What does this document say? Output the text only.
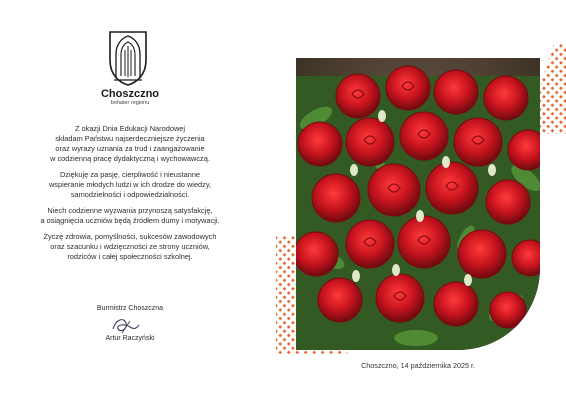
Choszczno
bohater regionu

Z okazji Dnia Edukacji Narodowej
składam Państwu najserdeczniejsze życzenia
oraz wyrazy uznania za trud i zaangażowanie
w codzienną pracę dydaktyczną i wychowawczą.

Dziękuję za pasję, cierpliwość i nieustanne
wspieranie młodych ludzi w ich drodze do wiedzy,
samodzielności i odpowiedzialności.

Niech codzienne wyzwania przynoszą satysfakcję,
a osiągnięcia uczniów będą źródłem dumy i motywacji.

Życzę zdrowia, pomyślności, sukcesów zawodowych
oraz szacunku i wdzięczności ze strony uczniów,
rodziców i całej społeczności szkolnej.

Burmistrz Choszczna
Artur Raczyński
Choszczno, 14 października 2025 r.
